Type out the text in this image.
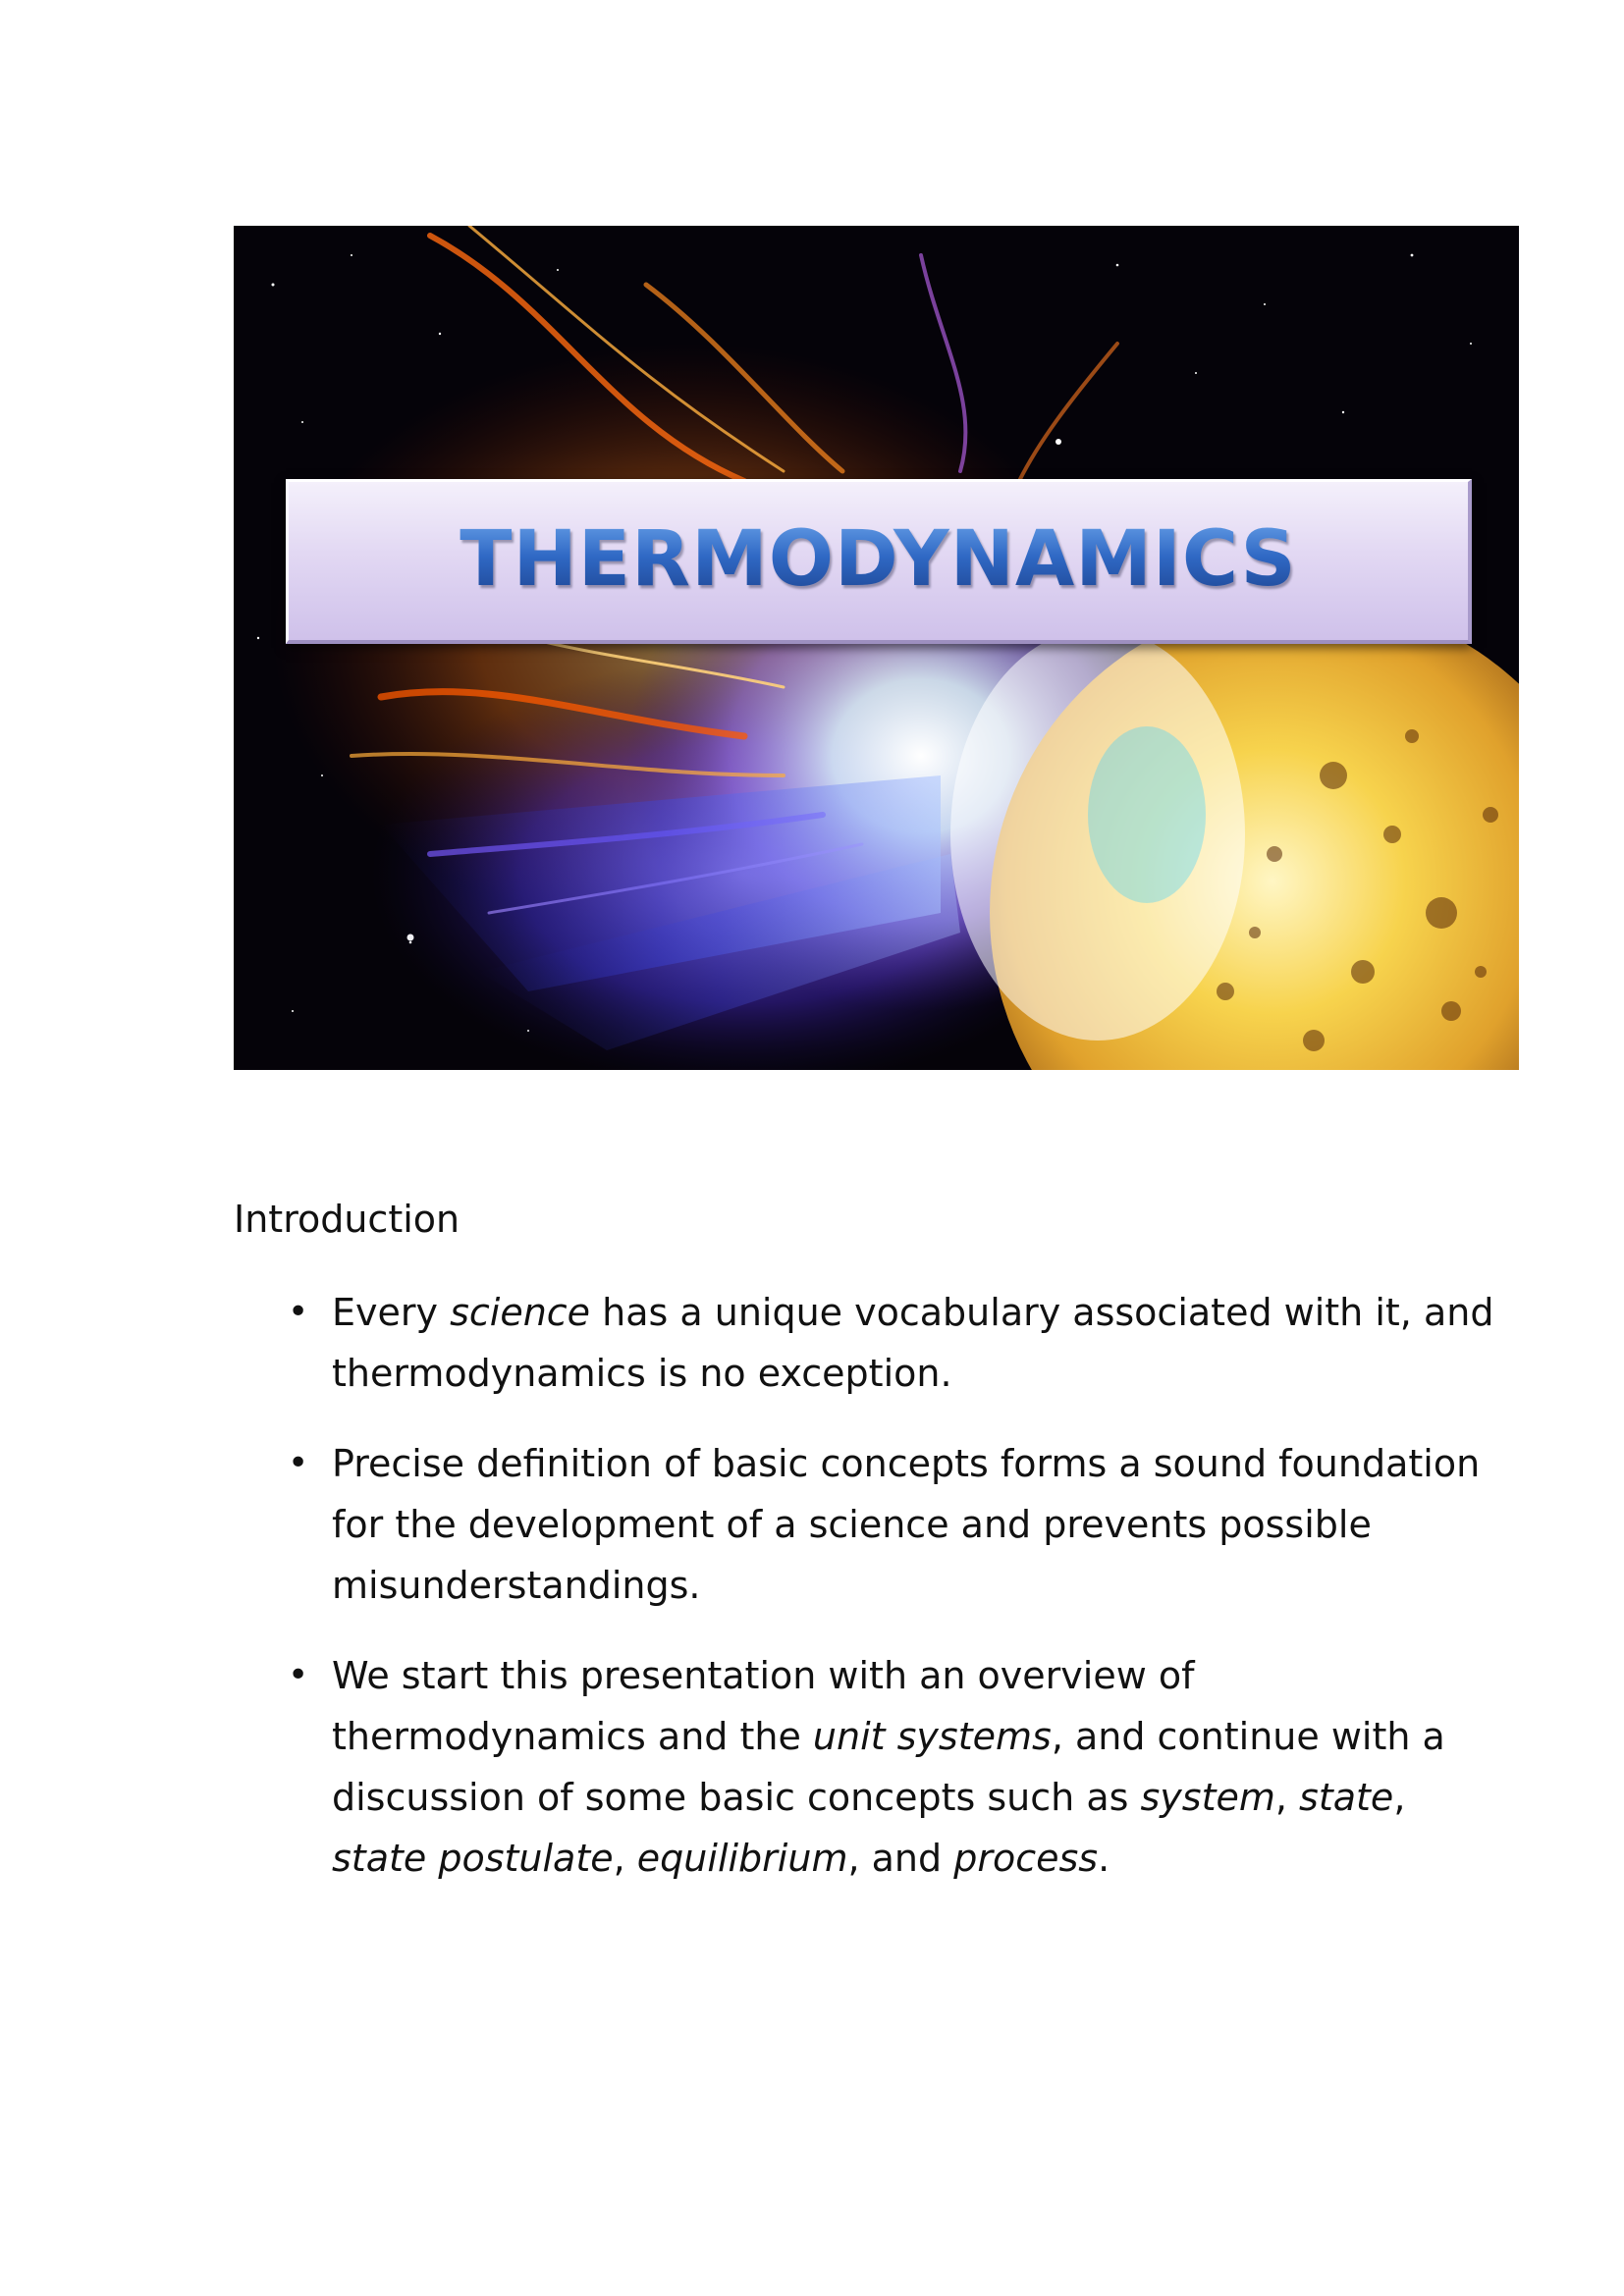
THERMODYNAMICS
Introduction
• Every science has a unique vocabulary associated with it, and thermodynamics is no exception.
• Precise definition of basic concepts forms a sound foundation for the development of a science and prevents possible misunderstandings.
• We start this presentation with an overview of thermodynamics and the unit systems, and continue with a discussion of some basic concepts such as system, state, state postulate, equilibrium, and process.
